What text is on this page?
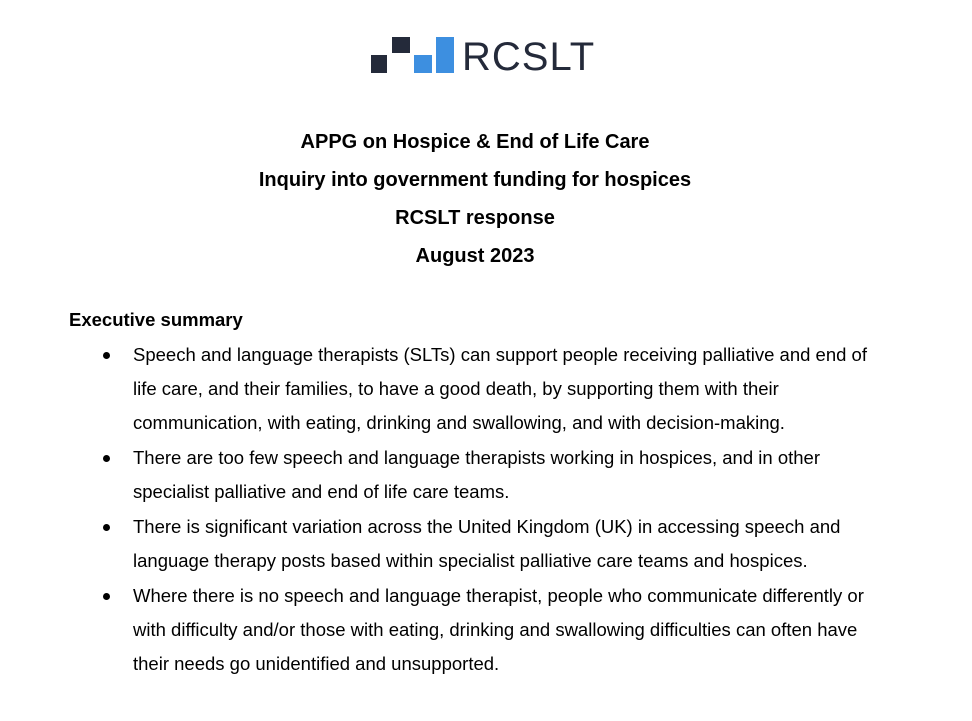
RCSLT
APPG on Hospice & End of Life Care
Inquiry into government funding for hospices
RCSLT response
August 2023
Executive summary
Speech and language therapists (SLTs) can support people receiving palliative and end of life care, and their families, to have a good death, by supporting them with their communication, with eating, drinking and swallowing, and with decision-making.
There are too few speech and language therapists working in hospices, and in other specialist palliative and end of life care teams.
There is significant variation across the United Kingdom (UK) in accessing speech and language therapy posts based within specialist palliative care teams and hospices.
Where there is no speech and language therapist, people who communicate differently or with difficulty and/or those with eating, drinking and swallowing difficulties can often have their needs go unidentified and unsupported.
